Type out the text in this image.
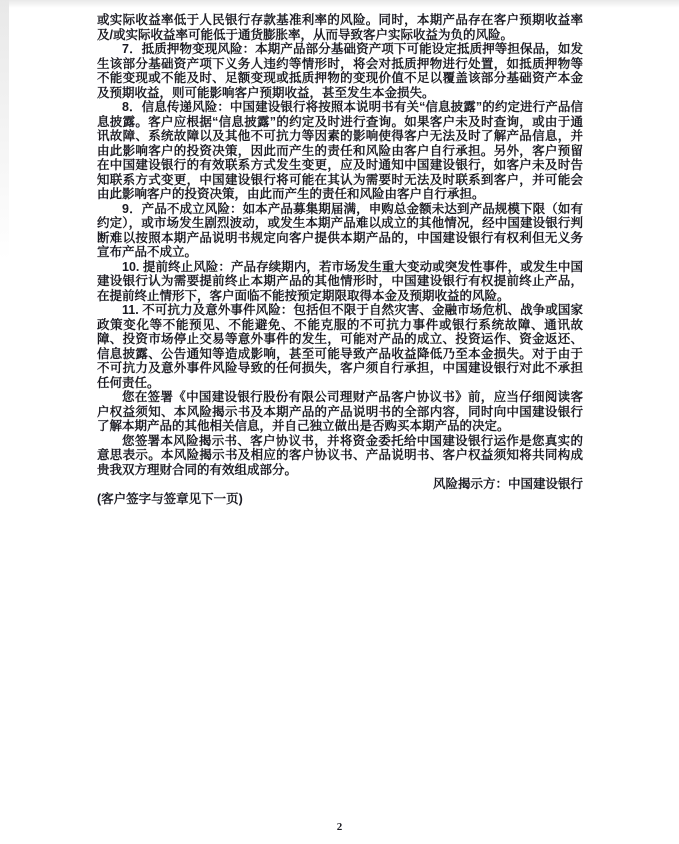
或实际收益率低于人民银行存款基准利率的风险。同时，本期产品存在客户预期收益率及/或实际收益率可能低于通货膨胀率，从而导致客户实际收益为负的风险。

7．抵质押物变现风险：本期产品部分基础资产项下可能设定抵质押等担保品，如发生该部分基础资产项下义务人违约等情形时，将会对抵质押物进行处置，如抵质押物等不能变现或不能及时、足额变现或抵质押物的变现价值不足以覆盖该部分基础资产本金及预期收益，则可能影响客户预期收益，甚至发生本金损失。

8．信息传递风险：中国建设银行将按照本说明书有关“信息披露”的约定进行产品信息披露。客户应根据“信息披露”的约定及时进行查询。如果客户未及时查询，或由于通讯故障、系统故障以及其他不可抗力等因素的影响使得客户无法及时了解产品信息，并由此影响客户的投资决策，因此而产生的责任和风险由客户自行承担。另外，客户预留在中国建设银行的有效联系方式发生变更，应及时通知中国建设银行，如客户未及时告知联系方式变更，中国建设银行将可能在其认为需要时无法及时联系到客户，并可能会由此影响客户的投资决策，由此而产生的责任和风险由客户自行承担。

9．产品不成立风险：如本产品募集期届满，申购总金额未达到产品规模下限（如有约定），或市场发生剧烈波动，或发生本期产品难以成立的其他情况，经中国建设银行判断难以按照本期产品说明书规定向客户提供本期产品的，中国建设银行有权利但无义务宣布产品不成立。

10. 提前终止风险：产品存续期内，若市场发生重大变动或突发性事件，或发生中国建设银行认为需要提前终止本期产品的其他情形时，中国建设银行有权提前终止产品，在提前终止情形下，客户面临不能按预定期限取得本金及预期收益的风险。

11. 不可抗力及意外事件风险：包括但不限于自然灾害、金融市场危机、战争或国家政策变化等不能预见、不能避免、不能克服的不可抗力事件或银行系统故障、通讯故障、投资市场停止交易等意外事件的发生，可能对产品的成立、投资运作、资金返还、信息披露、公告通知等造成影响，甚至可能导致产品收益降低乃至本金损失。对于由于不可抗力及意外事件风险导致的任何损失，客户须自行承担，中国建设银行对此不承担任何责任。

您在签署《中国建设银行股份有限公司理财产品客户协议书》前，应当仔细阅读客户权益须知、本风险揭示书及本期产品的产品说明书的全部内容，同时向中国建设银行了解本期产品的其他相关信息，并自己独立做出是否购买本期产品的决定。

您签署本风险揭示书、客户协议书，并将资金委托给中国建设银行运作是您真实的意思表示。本风险揭示书及相应的客户协议书、产品说明书、客户权益须知将共同构成贵我双方理财合同的有效组成部分。

风险揭示方：中国建设银行

(客户签字与签章见下一页)

2
